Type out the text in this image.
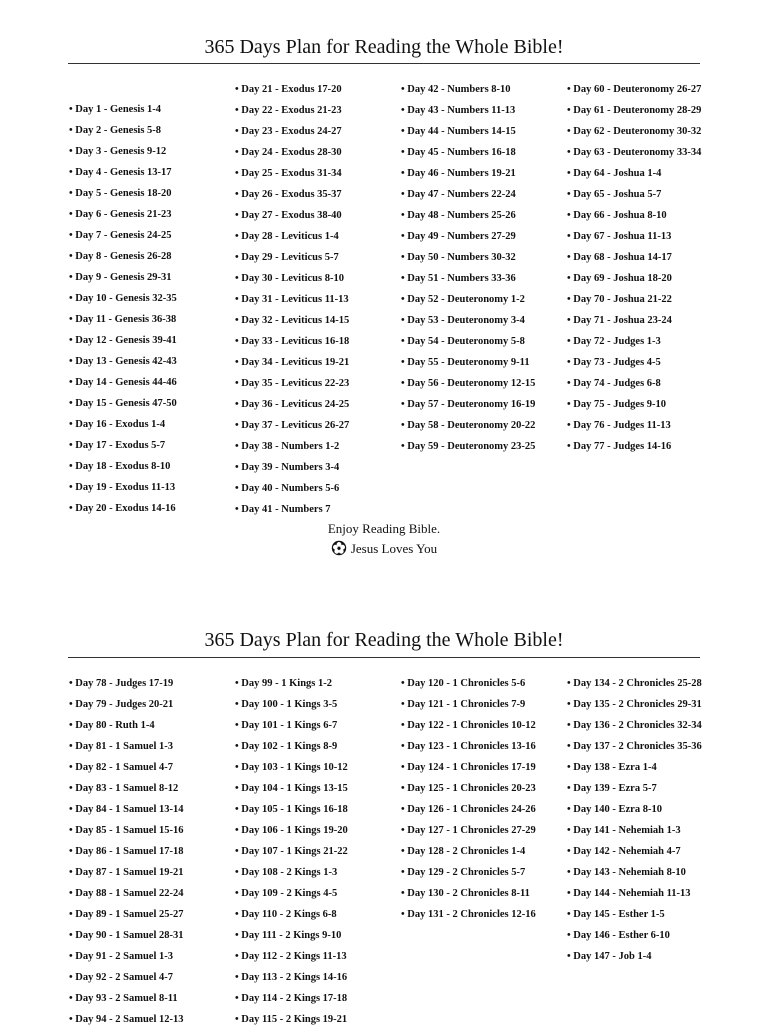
365 Days Plan for Reading the Whole Bible!
• Day 1 - Genesis 1-4
• Day 2 - Genesis 5-8
• Day 3 - Genesis 9-12
• Day 4 - Genesis 13-17
• Day 5 - Genesis 18-20
• Day 6 - Genesis 21-23
• Day 7 - Genesis 24-25
• Day 8 - Genesis 26-28
• Day 9 - Genesis 29-31
• Day 10 - Genesis 32-35
• Day 11 - Genesis 36-38
• Day 12 - Genesis 39-41
• Day 13 - Genesis 42-43
• Day 14 - Genesis 44-46
• Day 15 - Genesis 47-50
• Day 16 - Exodus 1-4
• Day 17 - Exodus 5-7
• Day 18 - Exodus 8-10
• Day 19 - Exodus 11-13
• Day 20 - Exodus 14-16
• Day 21 - Exodus 17-20
• Day 22 - Exodus 21-23
• Day 23 - Exodus 24-27
• Day 24 - Exodus 28-30
• Day 25 - Exodus 31-34
• Day 26 - Exodus 35-37
• Day 27 - Exodus 38-40
• Day 28 - Leviticus 1-4
• Day 29 - Leviticus 5-7
• Day 30 - Leviticus 8-10
• Day 31 - Leviticus 11-13
• Day 32 - Leviticus 14-15
• Day 33 - Leviticus 16-18
• Day 34 - Leviticus 19-21
• Day 35 - Leviticus 22-23
• Day 36 - Leviticus 24-25
• Day 37 - Leviticus 26-27
• Day 38 - Numbers 1-2
• Day 39 - Numbers 3-4
• Day 40 - Numbers 5-6
• Day 41 - Numbers 7
• Day 42 - Numbers 8-10
• Day 43 - Numbers 11-13
• Day 44 - Numbers 14-15
• Day 45 - Numbers 16-18
• Day 46 - Numbers 19-21
• Day 47 - Numbers 22-24
• Day 48 - Numbers 25-26
• Day 49 - Numbers 27-29
• Day 50 - Numbers 30-32
• Day 51 - Numbers 33-36
• Day 52 - Deuteronomy 1-2
• Day 53 - Deuteronomy 3-4
• Day 54 - Deuteronomy 5-8
• Day 55 - Deuteronomy 9-11
• Day 56 - Deuteronomy 12-15
• Day 57 - Deuteronomy 16-19
• Day 58 - Deuteronomy 20-22
• Day 59 - Deuteronomy 23-25
• Day 60 - Deuteronomy 26-27
• Day 61 - Deuteronomy 28-29
• Day 62 - Deuteronomy 30-32
• Day 63 - Deuteronomy 33-34
• Day 64 - Joshua 1-4
• Day 65 - Joshua 5-7
• Day 66 - Joshua 8-10
• Day 67 - Joshua 11-13
• Day 68 - Joshua 14-17
• Day 69 - Joshua 18-20
• Day 70 - Joshua 21-22
• Day 71 - Joshua 23-24
• Day 72 - Judges 1-3
• Day 73 - Judges 4-5
• Day 74 - Judges 6-8
• Day 75 - Judges 9-10
• Day 76 - Judges 11-13
• Day 77 - Judges 14-16
Enjoy Reading Bible.
Jesus Loves You
365 Days Plan for Reading the Whole Bible!
• Day 78 - Judges 17-19
• Day 79 - Judges 20-21
• Day 80 - Ruth 1-4
• Day 81 - 1 Samuel 1-3
• Day 82 - 1 Samuel 4-7
• Day 83 - 1 Samuel 8-12
• Day 84 - 1 Samuel 13-14
• Day 85 - 1 Samuel 15-16
• Day 86 - 1 Samuel 17-18
• Day 87 - 1 Samuel 19-21
• Day 88 - 1 Samuel 22-24
• Day 89 - 1 Samuel 25-27
• Day 90 - 1 Samuel 28-31
• Day 91 - 2 Samuel 1-3
• Day 92 - 2 Samuel 4-7
• Day 93 - 2 Samuel 8-11
• Day 94 - 2 Samuel 12-13
• Day 99 - 1 Kings 1-2
• Day 100 - 1 Kings 3-5
• Day 101 - 1 Kings 6-7
• Day 102 - 1 Kings 8-9
• Day 103 - 1 Kings 10-12
• Day 104 - 1 Kings 13-15
• Day 105 - 1 Kings 16-18
• Day 106 - 1 Kings 19-20
• Day 107 - 1 Kings 21-22
• Day 108 - 2 Kings 1-3
• Day 109 - 2 Kings 4-5
• Day 110 - 2 Kings 6-8
• Day 111 - 2 Kings 9-10
• Day 112 - 2 Kings 11-13
• Day 113 - 2 Kings 14-16
• Day 114 - 2 Kings 17-18
• Day 115 - 2 Kings 19-21
• Day 120 - 1 Chronicles 5-6
• Day 121 - 1 Chronicles 7-9
• Day 122 - 1 Chronicles 10-12
• Day 123 - 1 Chronicles 13-16
• Day 124 - 1 Chronicles 17-19
• Day 125 - 1 Chronicles 20-23
• Day 126 - 1 Chronicles 24-26
• Day 127 - 1 Chronicles 27-29
• Day 128 - 2 Chronicles 1-4
• Day 129 - 2 Chronicles 5-7
• Day 130 - 2 Chronicles 8-11
• Day 131 - 2 Chronicles 12-16
• Day 134 - 2 Chronicles 25-28
• Day 135 - 2 Chronicles 29-31
• Day 136 - 2 Chronicles 32-34
• Day 137 - 2 Chronicles 35-36
• Day 138 - Ezra 1-4
• Day 139 - Ezra 5-7
• Day 140 - Ezra 8-10
• Day 141 - Nehemiah 1-3
• Day 142 - Nehemiah 4-7
• Day 143 - Nehemiah 8-10
• Day 144 - Nehemiah 11-13
• Day 145 - Esther 1-5
• Day 146 - Esther 6-10
• Day 147 - Job 1-4
